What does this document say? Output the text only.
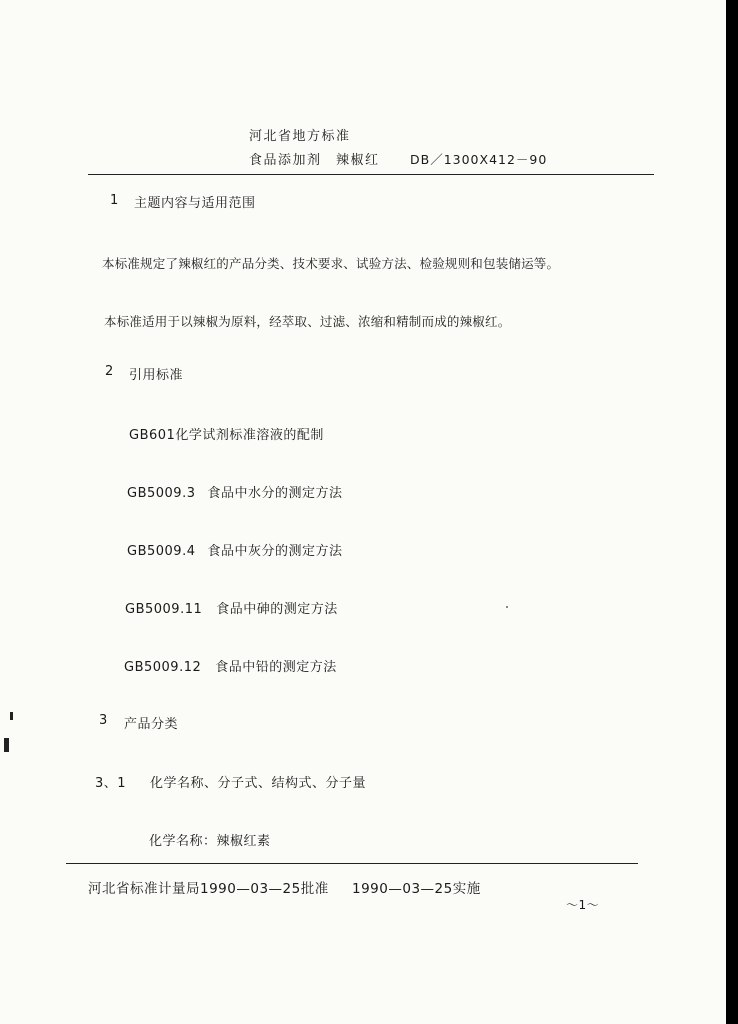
河北省地方标准
食品添加剂　辣椒红 DB／1300X412－90
1 主题内容与适用范围
本标准规定了辣椒红的产品分类、技术要求、试验方法、检验规则和包装储运等。
本标准适用于以辣椒为原料，经萃取、过滤、浓缩和精制而成的辣椒红。
2 引用标准
GB601化学试剂标准溶液的配制
GB5009.3 食品中水分的测定方法
GB5009.4 食品中灰分的测定方法
GB5009.11 食品中砷的测定方法
GB5009.12 食品中铅的测定方法
3 产品分类
3、1 化学名称、分子式、结构式、分子量
化学名称：辣椒红素
河北省标准计量局1990—03—25批准 1990—03—25实施
～1～
